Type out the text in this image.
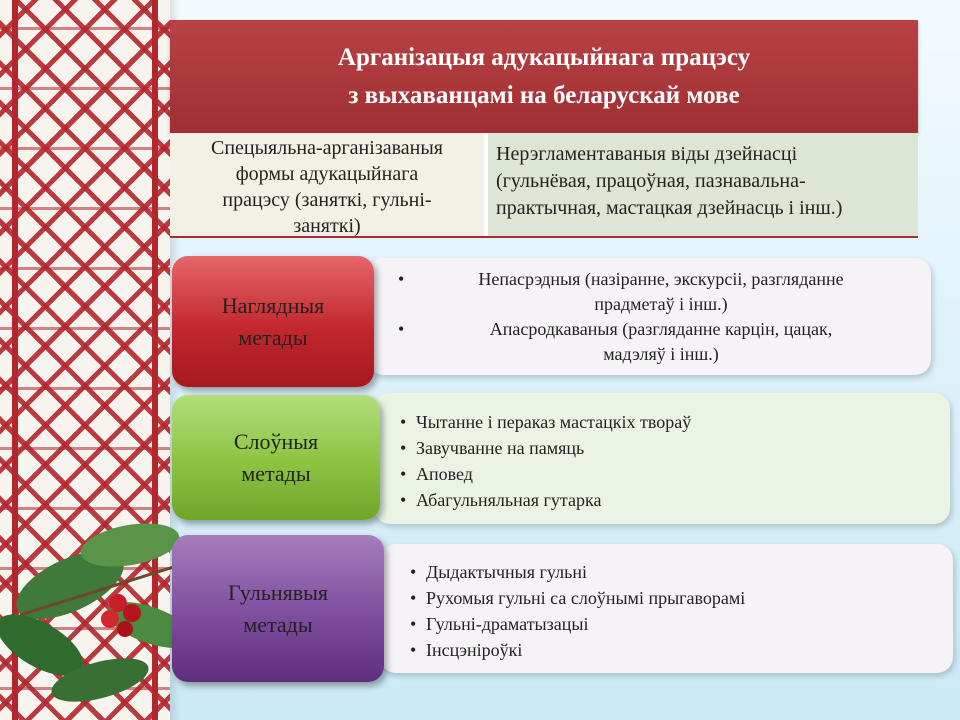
Арганізацыя адукацыйнага працэсу
з выхаванцамі на беларускай мове
Спецыяльна-арганізаваныя
формы адукацыйнага
працэсу (заняткі, гульні-
заняткі)
Нерэгламентаваныя віды дзейнасці
(гульнёвая, працоўная, пазнавальна-
практычная, мастацкая дзейнасць і інш.)
Наглядныя
метады
• Непасрэдныя (назіранне, экскурсіі, разгляданне
прадметаў і інш.)
• Апасродкаваныя (разгляданне карцін, цацак,
мадэляў і інш.)
Слоўныя
метады
• Чытанне і пераказ мастацкіх твораў
• Завучванне на памяць
• Аповед
• Абагульняльная гутарка
Гульнявыя
метады
• Дыдактычныя гульні
• Рухомыя гульні са слоўнымі прыгаворамі
• Гульні-драматызацыі
• Інсцэніроўкі
